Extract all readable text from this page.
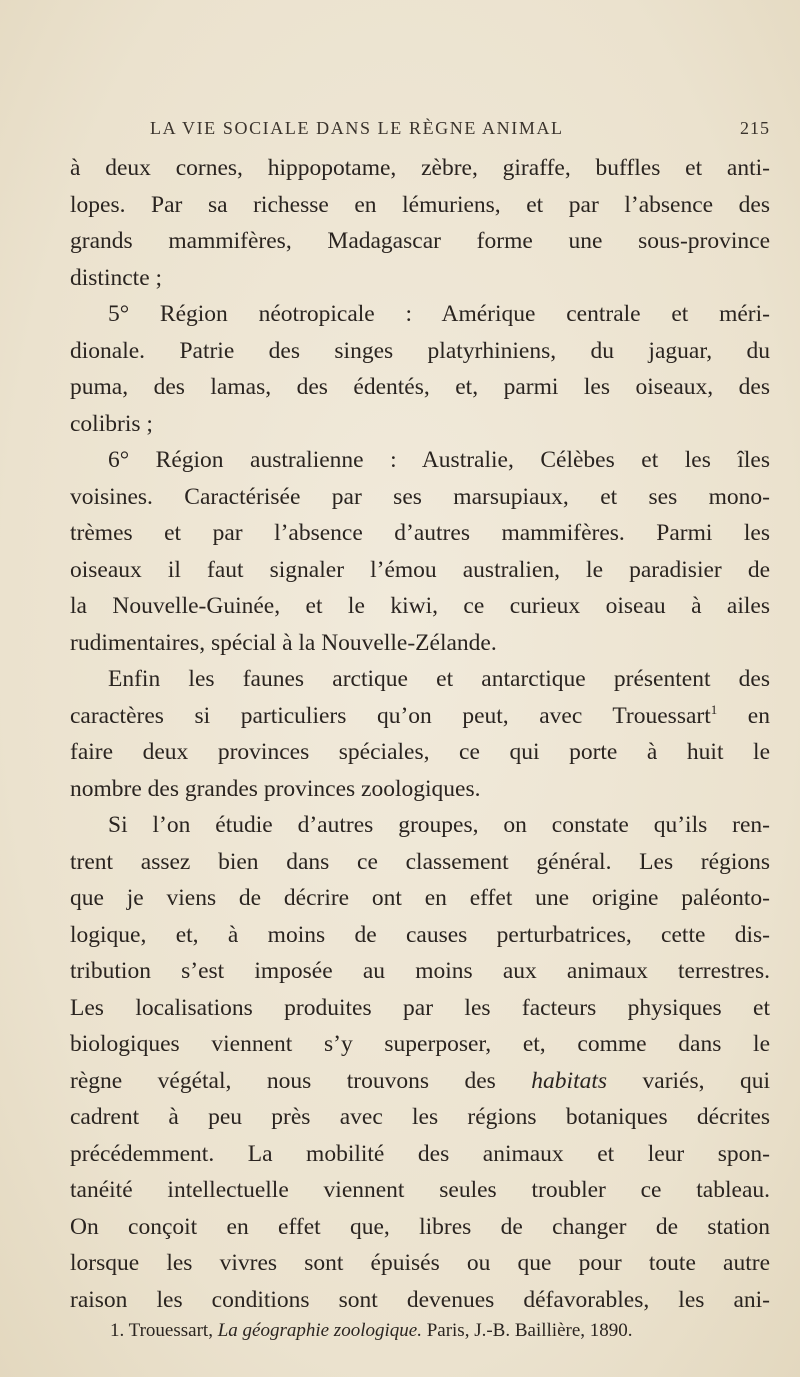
LA VIE SOCIALE DANS LE RÈGNE ANIMAL	215
à deux cornes, hippopotame, zèbre, giraffe, buffles et anti-
lopes. Par sa richesse en lémuriens, et par l’absence des
grands mammifères, Madagascar forme une sous-province
distincte ;
5° Région néotropicale : Amérique centrale et méri-
dionale. Patrie des singes platyrhiniens, du jaguar, du
puma, des lamas, des édentés, et, parmi les oiseaux, des
colibris ;
6° Région australienne : Australie, Célèbes et les îles
voisines. Caractérisée par ses marsupiaux, et ses mono-
trèmes et par l’absence d’autres mammifères. Parmi les
oiseaux il faut signaler l’émou australien, le paradisier de
la Nouvelle-Guinée, et le kiwi, ce curieux oiseau à ailes
rudimentaires, spécial à la Nouvelle-Zélande.
Enfin les faunes arctique et antarctique présentent des
caractères si particuliers qu’on peut, avec Trouessart$^1$ en
faire deux provinces spéciales, ce qui porte à huit le
nombre des grandes provinces zoologiques.
Si l’on étudie d’autres groupes, on constate qu’ils ren-
trent assez bien dans ce classement général. Les régions
que je viens de décrire ont en effet une origine paléonto-
logique, et, à moins de causes perturbatrices, cette dis-
tribution s’est imposée au moins aux animaux terrestres.
Les localisations produites par les facteurs physiques et
biologiques viennent s’y superposer, et, comme dans le
règne végétal, nous trouvons des habitats variés, qui
cadrent à peu près avec les régions botaniques décrites
précédemment. La mobilité des animaux et leur spon-
tanéité intellectuelle viennent seules troubler ce tableau.
On conçoit en effet que, libres de changer de station
lorsque les vivres sont épuisés ou que pour toute autre
raison les conditions sont devenues défavorables, les ani-
1. Trouessart, La géographie zoologique. Paris, J.-B. Baillière, 1890.
